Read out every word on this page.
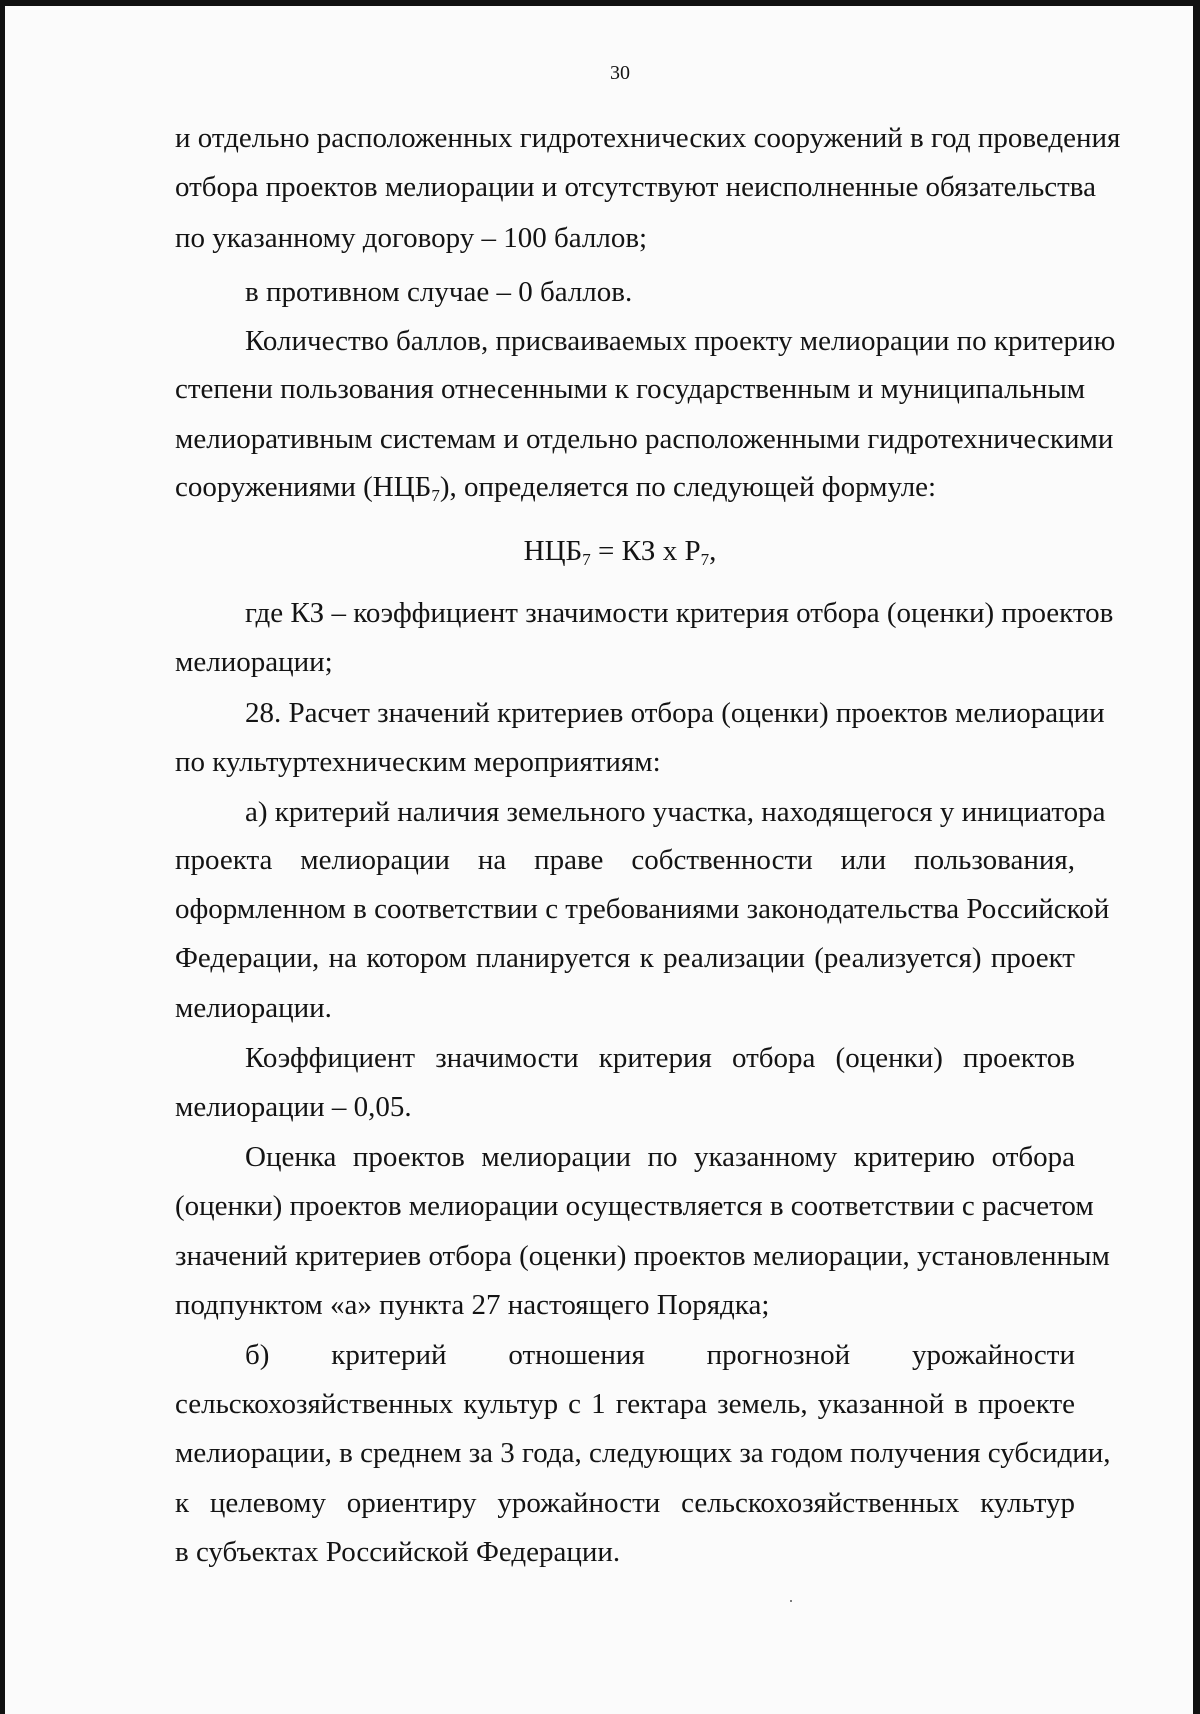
30
и отдельно расположенных гидротехнических сооружений в год проведения
отбора проектов мелиорации и отсутствуют неисполненные обязательства
по указанному договору – 100 баллов;
в противном случае – 0 баллов.
Количество баллов, присваиваемых проекту мелиорации по критерию
степени пользования отнесенными к государственным и муниципальным
мелиоративным системам и отдельно расположенными гидротехническими
сооружениями $(НЦБ_7)$, определяется по следующей формуле:
$НЦБ_7$ = КЗ х $Р_7$,
где КЗ – коэффициент значимости критерия отбора (оценки) проектов
мелиорации;
28. Расчет значений критериев отбора (оценки) проектов мелиорации
по культуртехническим мероприятиям:
а) критерий наличия земельного участка, находящегося у инициатора
проекта мелиорации на праве собственности или пользования,
оформленном в соответствии с требованиями законодательства Российской
Федерации, на котором планируется к реализации (реализуется) проект
мелиорации.
Коэффициент значимости критерия отбора (оценки) проектов
мелиорации – 0,05.
Оценка проектов мелиорации по указанному критерию отбора
(оценки) проектов мелиорации осуществляется в соответствии с расчетом
значений критериев отбора (оценки) проектов мелиорации, установленным
подпунктом «а» пункта 27 настоящего Порядка;
б) критерий отношения прогнозной урожайности
сельскохозяйственных культур с 1 гектара земель, указанной в проекте
мелиорации, в среднем за 3 года, следующих за годом получения субсидии,
к целевому ориентиру урожайности сельскохозяйственных культур
в субъектах Российской Федерации.
